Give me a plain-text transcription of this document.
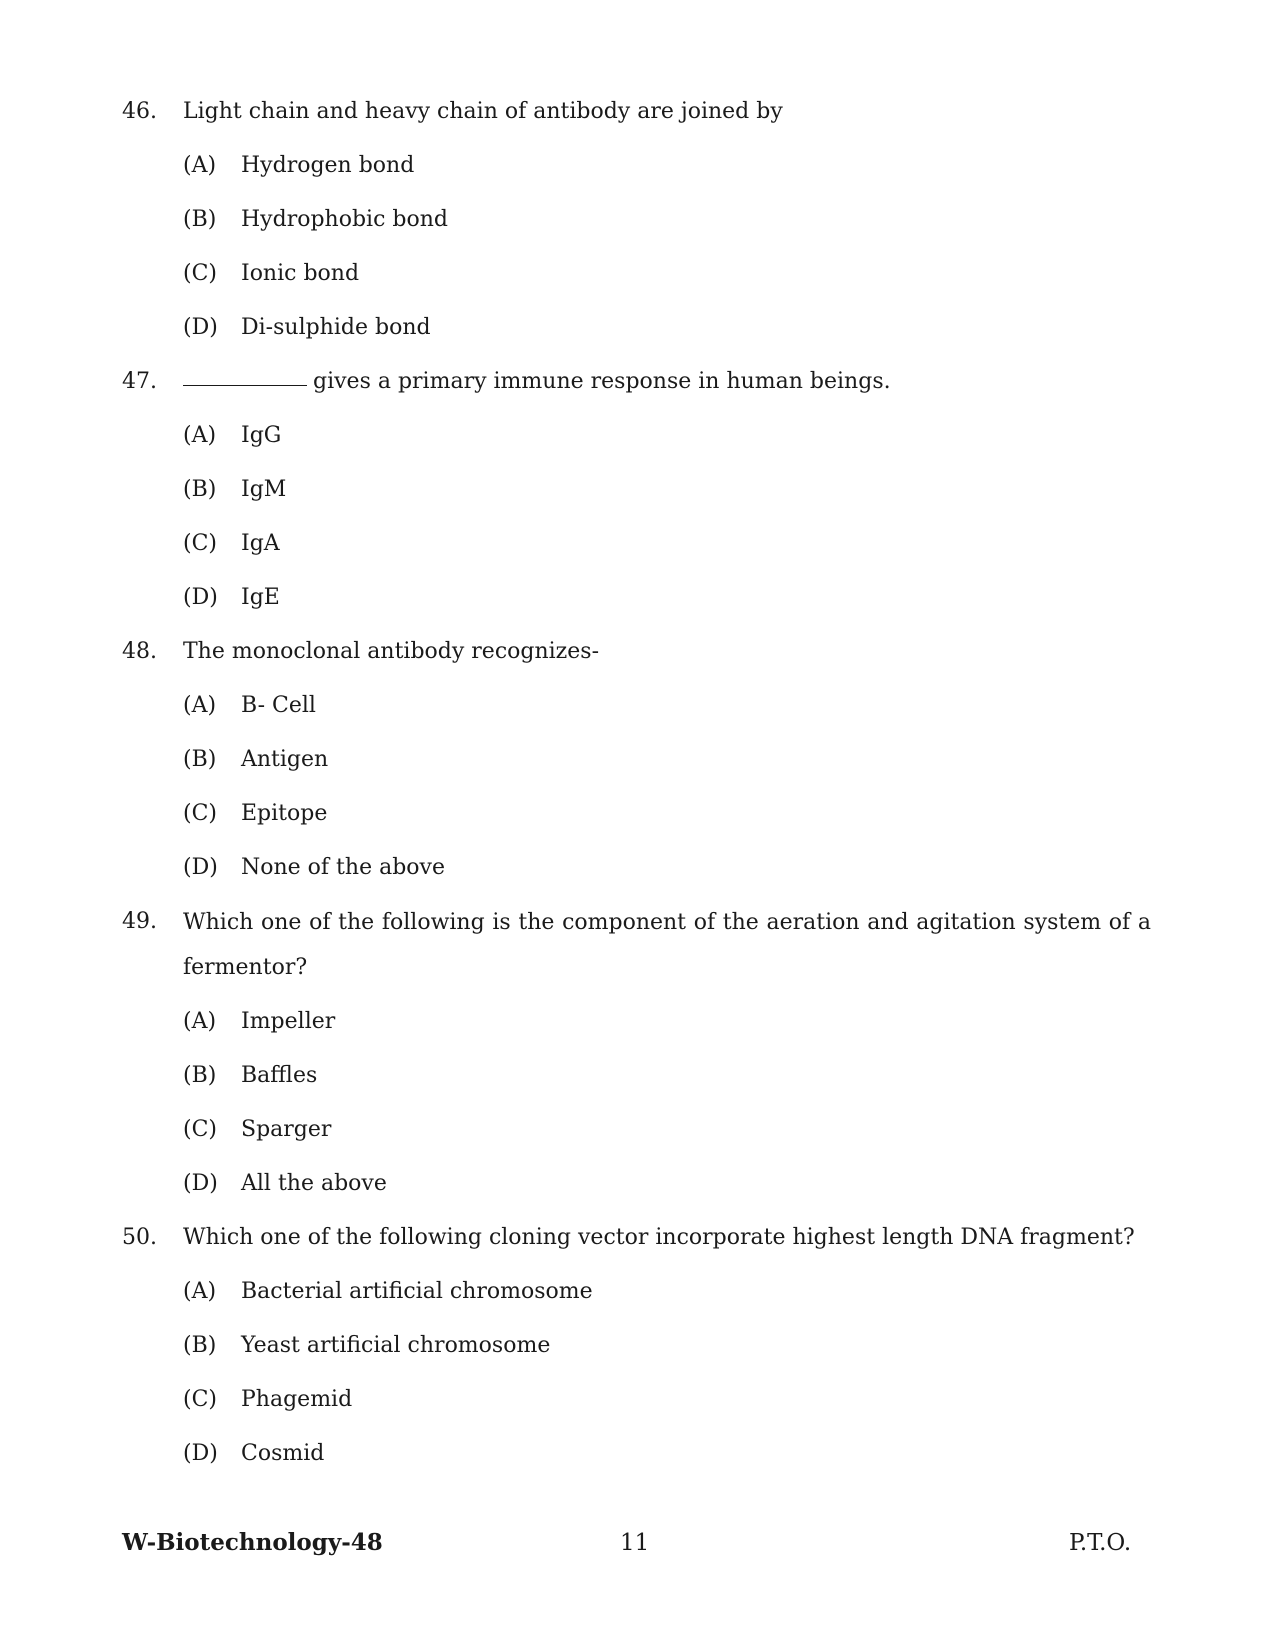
46. Light chain and heavy chain of antibody are joined by
(A) Hydrogen bond
(B) Hydrophobic bond
(C) Ionic bond
(D) Di-sulphide bond
47.	gives a primary immune response in human beings.
(A) IgG
(B) IgM
(C) IgA
(D) IgE
48. The monoclonal antibody recognizes-
(A) B- Cell
(B) Antigen
(C) Epitope
(D) None of the above
49. Which one of the following is the component of the aeration and agitation system of a fermentor?
(A) Impeller
(B) Baffles
(C) Sparger
(D) All the above
50. Which one of the following cloning vector incorporate highest length DNA fragment?
(A) Bacterial artificial chromosome
(B) Yeast artificial chromosome
(C) Phagemid
(D) Cosmid
W-Biotechnology-48	11	P.T.O.
